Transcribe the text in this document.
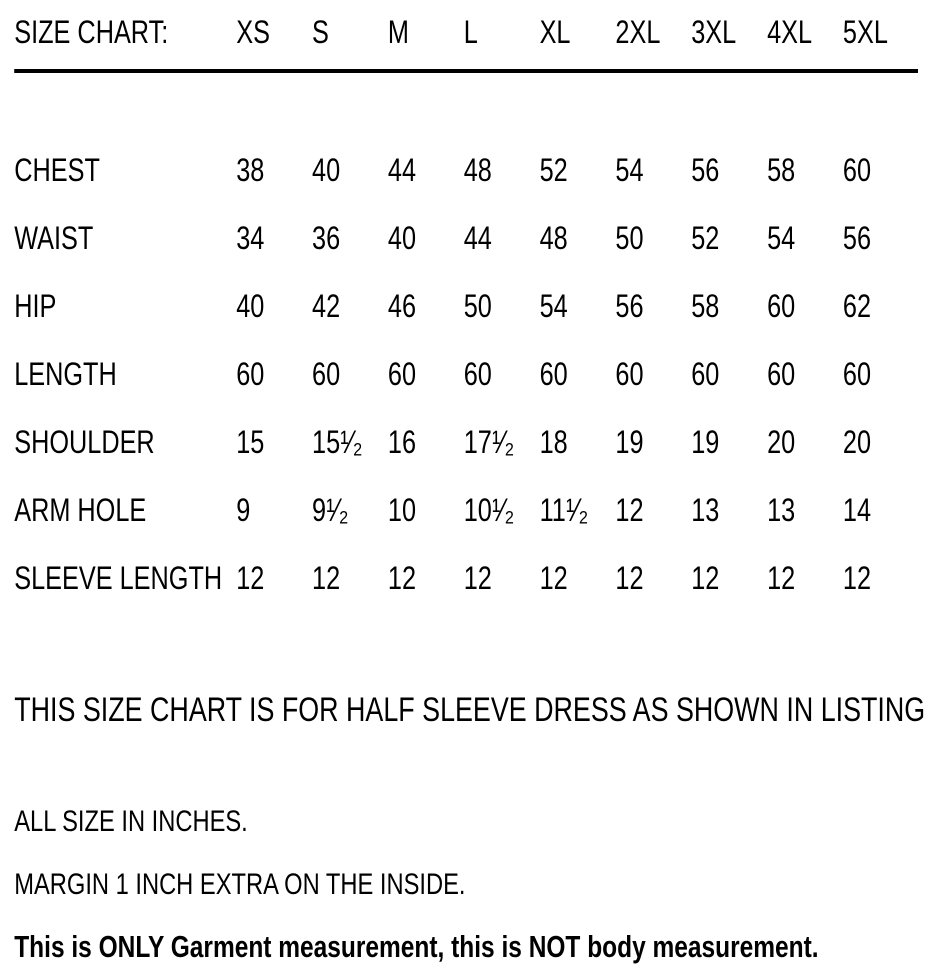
SIZE CHART:	XS	S	M	L	XL	2XL	3XL	4XL	5XL

CHEST	38	40	44	48	52	54	56	58	60
WAIST	34	36	40	44	48	50	52	54	56
HIP	40	42	46	50	54	56	58	60	62
LENGTH	60	60	60	60	60	60	60	60	60
SHOULDER	15	15¹⁄₂	16	17¹⁄₂	18	19	19	20	20
ARM HOLE	9	9¹⁄₂	10	10¹⁄₂	11¹⁄₂	12	13	13	14
SLEEVE LENGTH	12	12	12	12	12	12	12	12	12
THIS SIZE CHART IS FOR HALF SLEEVE DRESS AS SHOWN IN LISTING
ALL SIZE IN INCHES.
MARGIN 1 INCH EXTRA ON THE INSIDE.
This is ONLY Garment measurement, this is NOT body measurement.
